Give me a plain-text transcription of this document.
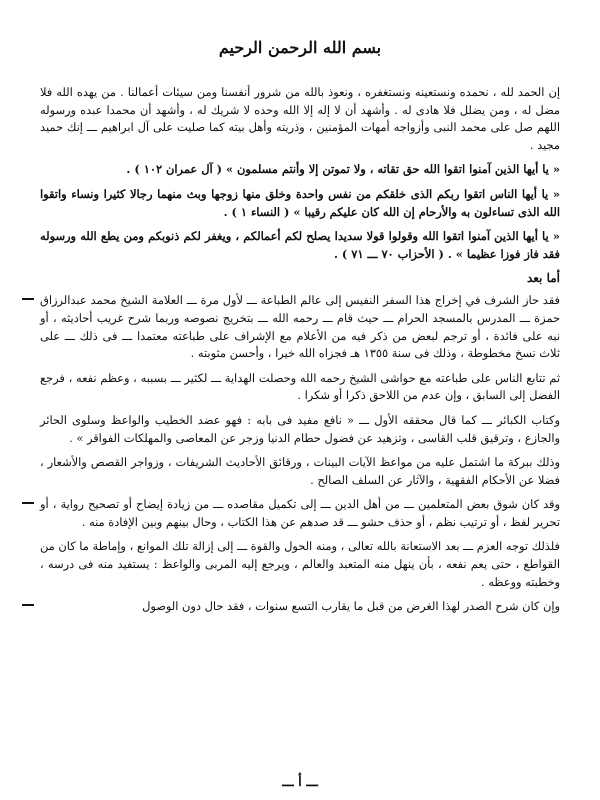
بسم الله الرحمن الرحيم

إن الحمد لله ، نحمده ونستعينه ونستغفره ، ونعوذ بالله من شرور أنفسنا ومن سيئات أعمالنا . من يهده الله فلا مضل له ، ومن يضلل فلا هادى له . وأشهد أن لا إله إلا الله وحده لا شريك له ، وأشهد أن محمدا عبده ورسوله اللهم صل على محمد النبى وأزواجه أمهات المؤمنين ، وذريته وأهل بيته كما صليت على آل ابراهيم ـــ إنك حميد مجيد .

« يا أيها الذين آمنوا اتقوا الله حق تقاته ، ولا تموتن إلا وأنتم مسلمون » ( آل عمران ١٠٢ ) .

« يا أيها الناس اتقوا ربكم الذى خلقكم من نفس واحدة وخلق منها زوجها وبث منهما رجالا كثيرا ونساء واتقوا الله الذى تساءلون به والأرحام إن الله كان عليكم رقيبا » ( النساء ١ ) .

« يا أيها الذين آمنوا اتقوا الله وقولوا قولا سديدا يصلح لكم أعمالكم ، ويغفر لكم ذنوبكم ومن يطع الله ورسوله فقد فاز فوزا عظيما » . ( الأحزاب ٧٠ ـــ ٧١ ) .

أما بعد

فقد حاز الشرف في إخراج هذا السفر النفيس إلى عالم الطباعة ـــ لأول مرة ـــ العلامة الشيخ محمد عبدالرزاق حمزة ـــ المدرس بالمسجد الحرام ـــ حيث قام ـــ رحمه الله ـــ بتخريج نصوصه وربما شرح غريب أحاديثه ، أو نبه على فائدة ، أو ترجم لبعض من ذكر فيه من الأعلام مع الإشراف على طباعته معتمدا ـــ فى ذلك ـــ على ثلاث نسخ مخطوطة ، وذلك فى سنة ١٣٥٥ هـ فجزاه الله خيرا ، وأحسن مثوبته .

ثم تتابع الناس على طباعته مع حواشى الشيخ رحمه الله وحصلت الهداية ـــ لكثير ـــ بسببه ، وعظم نفعه ، فرجع الفضل إلى السابق ، وإن عدم من اللاحق ذكرا أو شكرا .

وكتاب الكبائر ـــ كما قال محققه الأول ـــ « نافع مفيد فى بابه : فهو عضد الخطيب والواعظ وسلوى الحائر والجازع ، وترقيق قلب القاسى ، وتزهيد عن فضول حطام الدنيا وزجر عن المعاصى والمهلكات الفواقر » .

وذلك ببركة ما اشتمل عليه من مواعظ الآيات البينات ، ورقائق الأحاديث الشريفات ، وزواجر القصص والأشعار ، فضلا عن الأحكام الفقهية ، والآثار عن السلف الصالح .

وقد كان شوق بعض المتعلمين ـــ من أهل الدين ـــ إلى تكميل مقاصده ـــ من زيادة إيضاح أو تصحيح رواية ، أو تحرير لفظ ، أو ترتيب نظم ، أو حذف حشو ـــ قد صدهم عن هذا الكتاب ، وحال بينهم وبين الإفادة منه .

فلذلك توجه العزم ـــ بعد الاستعانة بالله تعالى ، ومنه الحول والقوة ـــ إلى إزالة تلك الموانع ، وإماطة ما كان من القواطع ، حتى يعم نفعه ، بأن ينهل منه المتعبد والعالم ، ويرجع إليه المربى والواعظ : يستفيد منه فى درسه ، وخطبته ووعظه .

وإن كان شرح الصدر لهذا الغرض من قبل ما يقارب التسع سنوات ، فقد حال دون الوصول

ـــ أ ـــ
